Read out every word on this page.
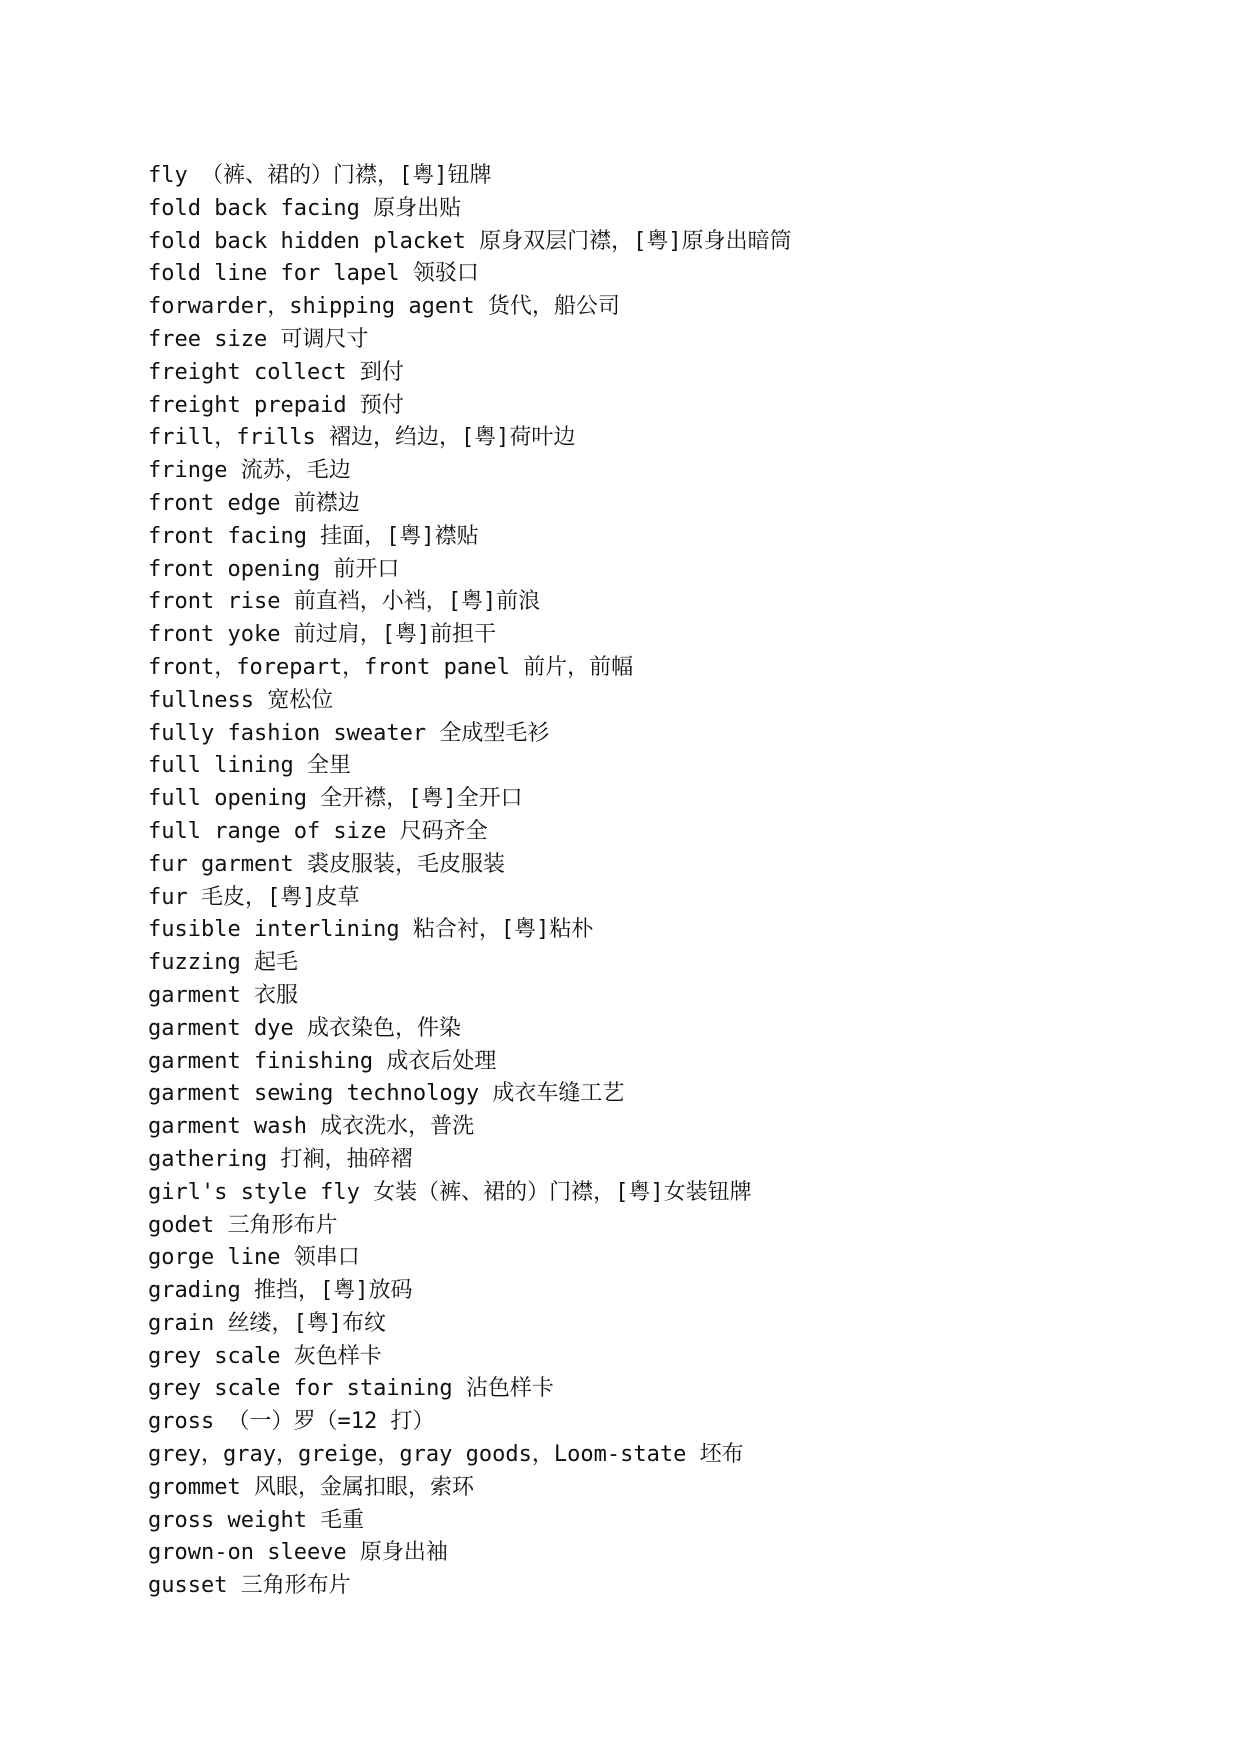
fly （裤、裙的）门襟，[粤]钮牌
fold back facing 原身出贴
fold back hidden placket 原身双层门襟，[粤]原身出暗筒
fold line for lapel 领驳口
forwarder，shipping agent 货代，船公司
free size 可调尺寸
freight collect 到付
freight prepaid 预付
frill，frills 褶边，绉边，[粤]荷叶边
fringe 流苏，毛边
front edge 前襟边
front facing 挂面，[粤]襟贴
front opening 前开口
front rise 前直裆，小裆，[粤]前浪
front yoke 前过肩，[粤]前担干
front，forepart，front panel 前片，前幅
fullness 宽松位
fully fashion sweater 全成型毛衫
full lining 全里
full opening 全开襟，[粤]全开口
full range of size 尺码齐全
fur garment 裘皮服装，毛皮服装
fur 毛皮，[粤]皮草
fusible interlining 粘合衬，[粤]粘朴
fuzzing 起毛
garment 衣服
garment dye 成衣染色，件染
garment finishing 成衣后处理
garment sewing technology 成衣车缝工艺
garment wash 成衣洗水，普洗
gathering 打裥，抽碎褶
girl's style fly 女装（裤、裙的）门襟，[粤]女装钮牌
godet 三角形布片
gorge line 领串口
grading 推挡，[粤]放码
grain 丝缕，[粤]布纹
grey scale 灰色样卡
grey scale for staining 沾色样卡
gross （一）罗（=12 打）
grey，gray，greige，gray goods，Loom-state 坯布
grommet 风眼，金属扣眼，索环
gross weight 毛重
grown-on sleeve 原身出袖
gusset 三角形布片
